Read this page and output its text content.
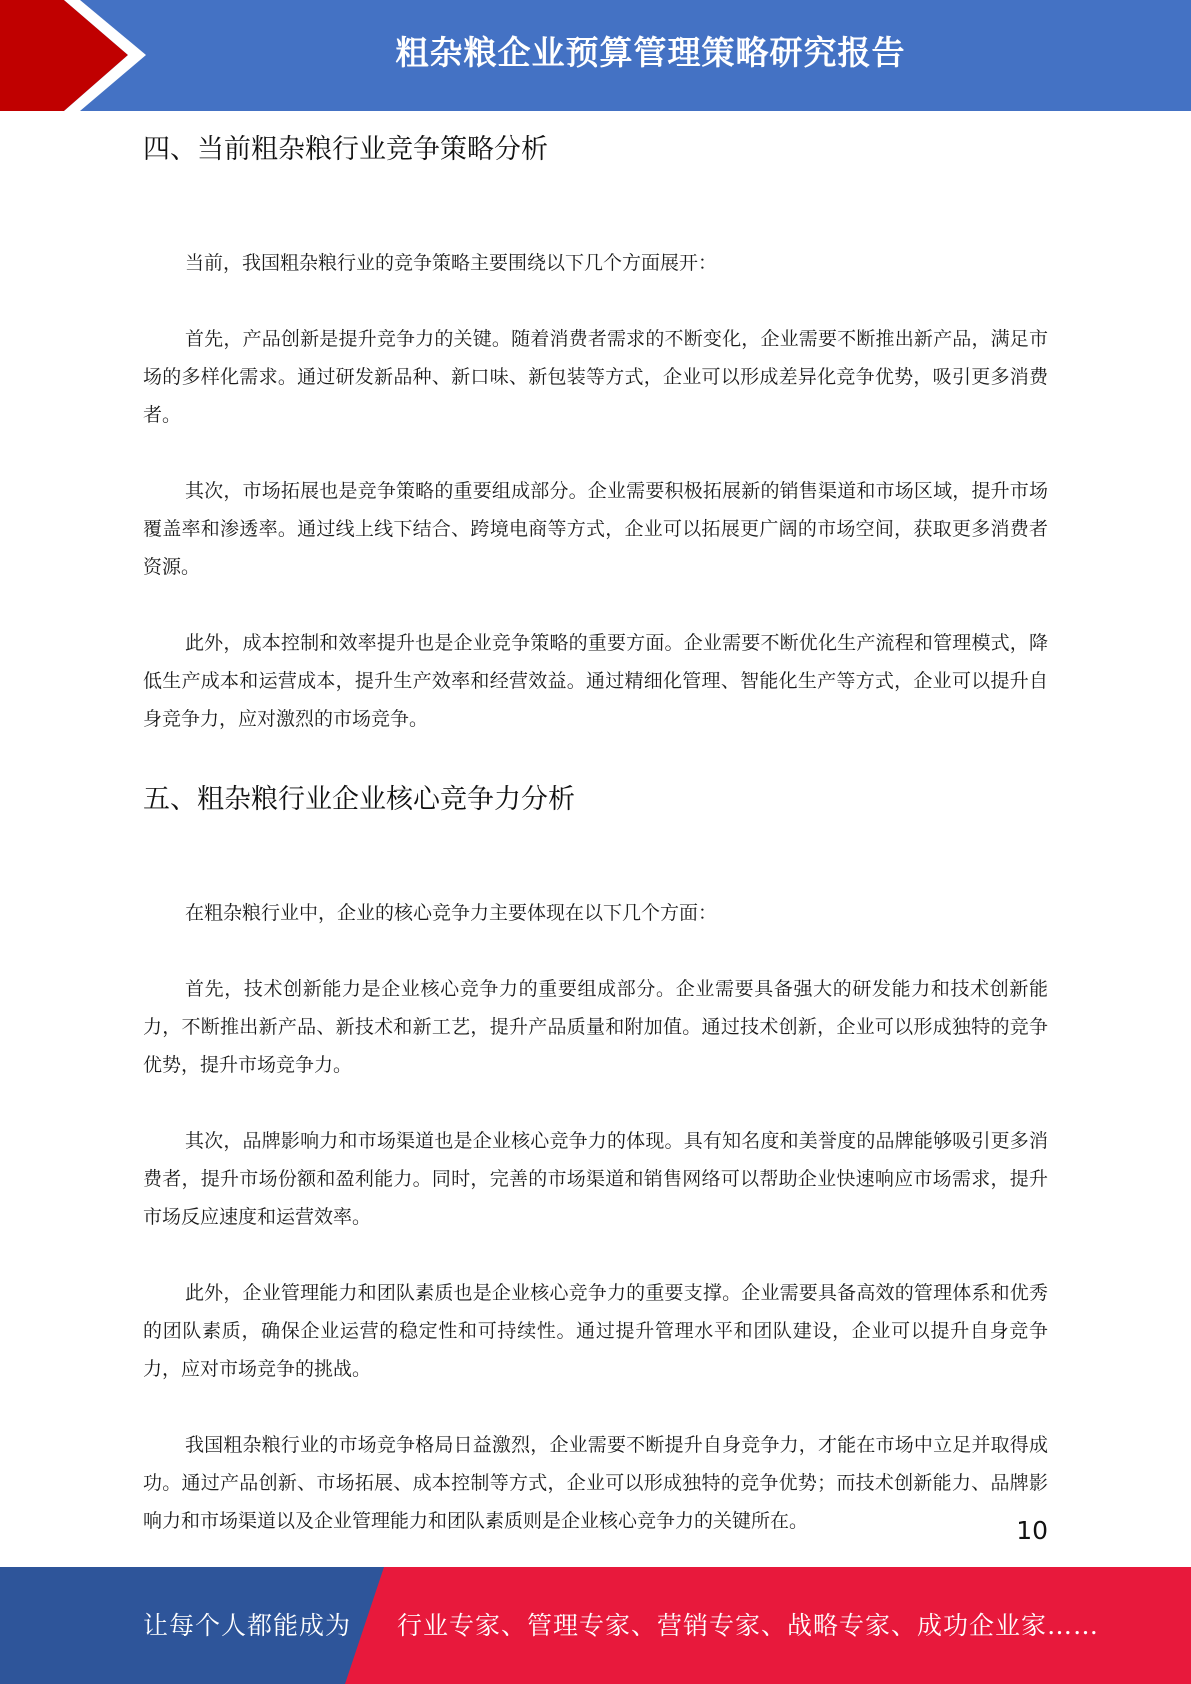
粗杂粮企业预算管理策略研究报告
四、当前粗杂粮行业竞争策略分析

当前，我国粗杂粮行业的竞争策略主要围绕以下几个方面展开：

首先，产品创新是提升竞争力的关键。随着消费者需求的不断变化，企业需要不断推出新产品，满足市场的多样化需求。通过研发新品种、新口味、新包装等方式，企业可以形成差异化竞争优势，吸引更多消费者。

其次，市场拓展也是竞争策略的重要组成部分。企业需要积极拓展新的销售渠道和市场区域，提升市场覆盖率和渗透率。通过线上线下结合、跨境电商等方式，企业可以拓展更广阔的市场空间，获取更多消费者资源。

此外，成本控制和效率提升也是企业竞争策略的重要方面。企业需要不断优化生产流程和管理模式，降低生产成本和运营成本，提升生产效率和经营效益。通过精细化管理、智能化生产等方式，企业可以提升自身竞争力，应对激烈的市场竞争。

五、粗杂粮行业企业核心竞争力分析

在粗杂粮行业中，企业的核心竞争力主要体现在以下几个方面：

首先，技术创新能力是企业核心竞争力的重要组成部分。企业需要具备强大的研发能力和技术创新能力，不断推出新产品、新技术和新工艺，提升产品质量和附加值。通过技术创新，企业可以形成独特的竞争优势，提升市场竞争力。

其次，品牌影响力和市场渠道也是企业核心竞争力的体现。具有知名度和美誉度的品牌能够吸引更多消费者，提升市场份额和盈利能力。同时，完善的市场渠道和销售网络可以帮助企业快速响应市场需求，提升市场反应速度和运营效率。

此外，企业管理能力和团队素质也是企业核心竞争力的重要支撑。企业需要具备高效的管理体系和优秀的团队素质，确保企业运营的稳定性和可持续性。通过提升管理水平和团队建设，企业可以提升自身竞争力，应对市场竞争的挑战。

我国粗杂粮行业的市场竞争格局日益激烈，企业需要不断提升自身竞争力，才能在市场中立足并取得成功。通过产品创新、市场拓展、成本控制等方式，企业可以形成独特的竞争优势；而技术创新能力、品牌影响力和市场渠道以及企业管理能力和团队素质则是企业核心竞争力的关键所在。	10
让每个人都能成为 行业专家、管理专家、营销专家、战略专家、成功企业家……
